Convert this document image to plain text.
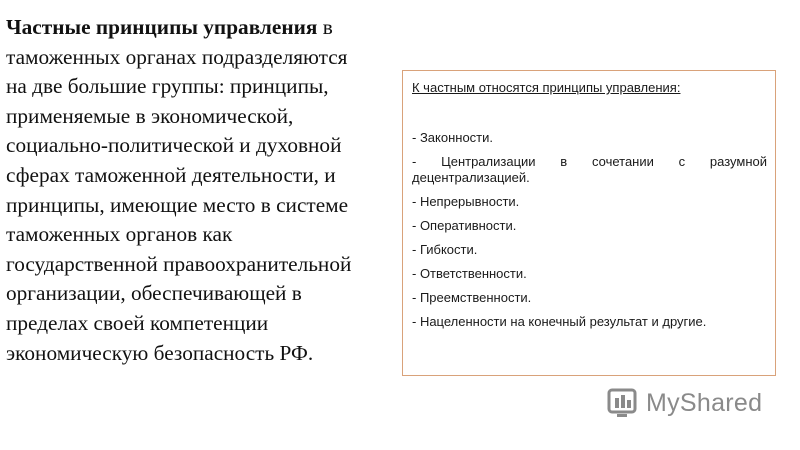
Частные принципы управления в таможенных органах подразделяются на две большие группы: принципы, применяемые в экономической, социально-политической и духовной сферах таможенной деятельности, и принципы, имеющие место в системе таможенных органов как государственной правоохранительной организации, обеспечивающей в пределах своей компетенции экономическую безопасность РФ.
К частным относятся принципы управления:
- Законности.
- Централизации в сочетании с разумной децентрализацией.
- Непрерывности.
- Оперативности.
- Гибкости.
- Ответственности.
- Преемственности.
- Нацеленности на конечный результат и другие.
MyShared
